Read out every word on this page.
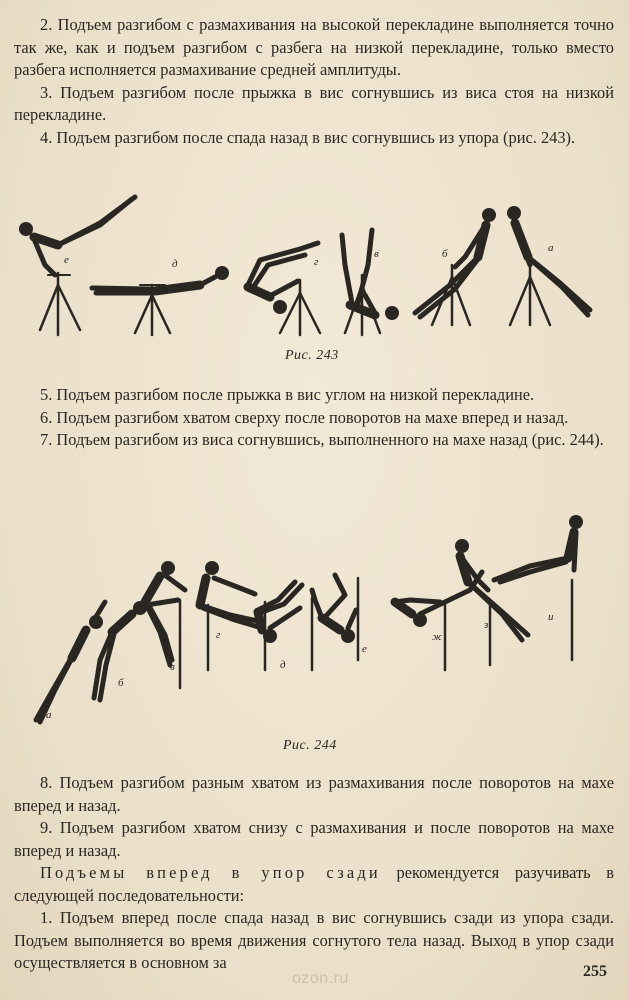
2. Подъем разгибом с размахивания на высокой перекладине выполняется точно так же, как и подъем разгибом с разбега на низкой перекладине, только вместо разбега исполняется размахивание средней амплитуды.

3. Подъем разгибом после прыжка в вис согнувшись из виса стоя на низкой перекладине.

4. Подъем разгибом после спада назад в вис согнувшись из упора (рис. 243).

е	д	г
в	б	а
Рис. 243

5. Подъем разгибом после прыжка в вис углом на низкой перекладине.

6. Подъем разгибом хватом сверху после поворотов на махе вперед и назад.

7. Подъем разгибом из виса согнувшись, выполненного на махе назад (рис. 244).

а
б
в
г
д
е
ж
з
и
Рис. 244

8. Подъем разгибом разным хватом из размахивания после поворотов на махе вперед и назад.

9. Подъем разгибом хватом снизу с размахивания и после поворотов на махе вперед и назад.

Подъемы вперед в упор сзади рекомендуется разучивать в следующей последовательности:

1. Подъем вперед после спада назад в вис согнувшись сзади из упора сзади. Подъем выполняется во время движения согнутого тела назад. Выход в упор сзади осуществляется в основном за

ozon.ru	255
